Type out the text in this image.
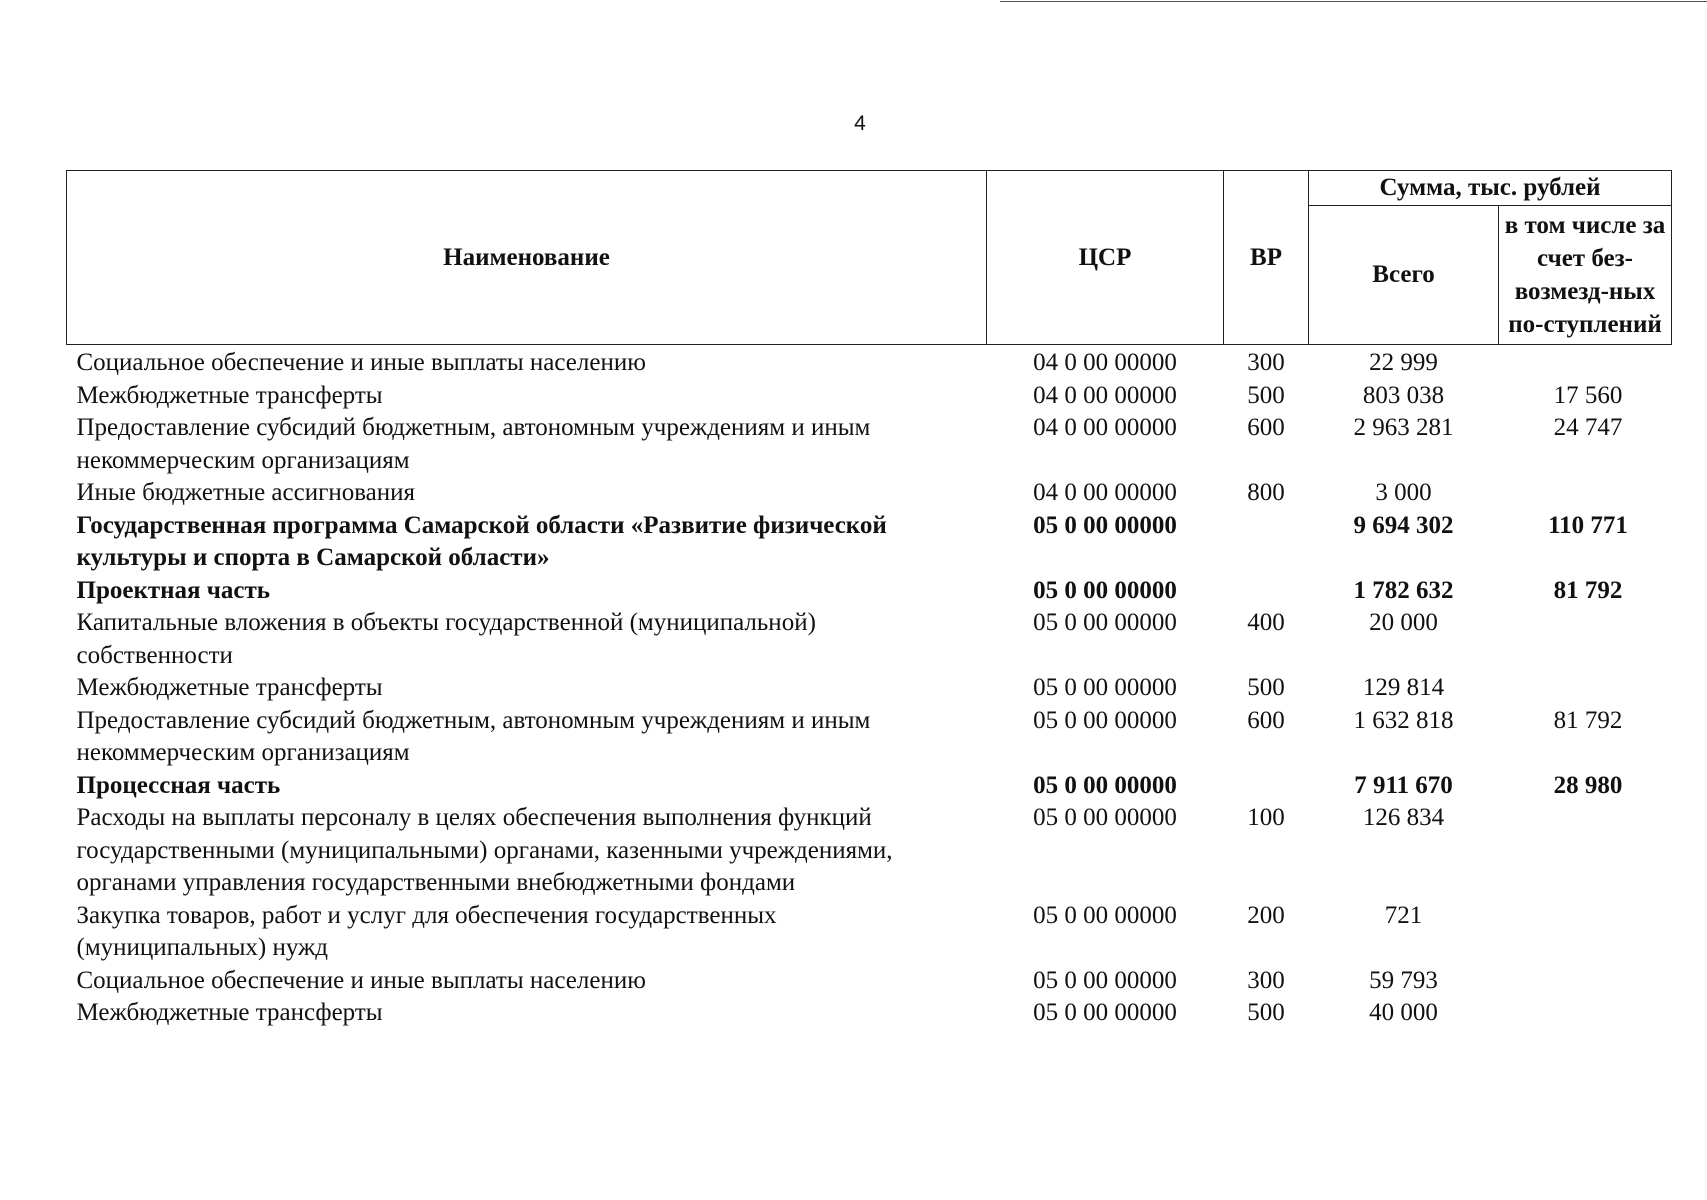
4
Наименование	ЦСР	ВР	Сумма, тыс. рублей	
			Всего	в том числе за счет без-возмезд-ных по-ступлений
Социальное обеспечение и иные выплаты населению	04 0 00 00000	300	22 999	
Межбюджетные трансферты	04 0 00 00000	500	803 038	17 560
Предоставление субсидий бюджетным, автономным учреждениям и иным некоммерческим организациям	04 0 00 00000	600	2 963 281	24 747
Иные бюджетные ассигнования	04 0 00 00000	800	3 000	
Государственная программа Самарской области «Развитие физической культуры и спорта в Самарской области»	05 0 00 00000		9 694 302	110 771
Проектная часть	05 0 00 00000		1 782 632	81 792
Капитальные вложения в объекты государственной (муниципальной) собственности	05 0 00 00000	400	20 000	
Межбюджетные трансферты	05 0 00 00000	500	129 814	
Предоставление субсидий бюджетным, автономным учреждениям и иным некоммерческим организациям	05 0 00 00000	600	1 632 818	81 792
Процессная часть	05 0 00 00000		7 911 670	28 980
Расходы на выплаты персоналу в целях обеспечения выполнения функций государственными (муниципальными) органами, казенными учреждениями, органами управления государственными внебюджетными фондами	05 0 00 00000	100	126 834	
Закупка товаров, работ и услуг для обеспечения государственных (муниципальных) нужд	05 0 00 00000	200	721	
Социальное обеспечение и иные выплаты населению	05 0 00 00000	300	59 793	
Межбюджетные трансферты	05 0 00 00000	500	40 000	
